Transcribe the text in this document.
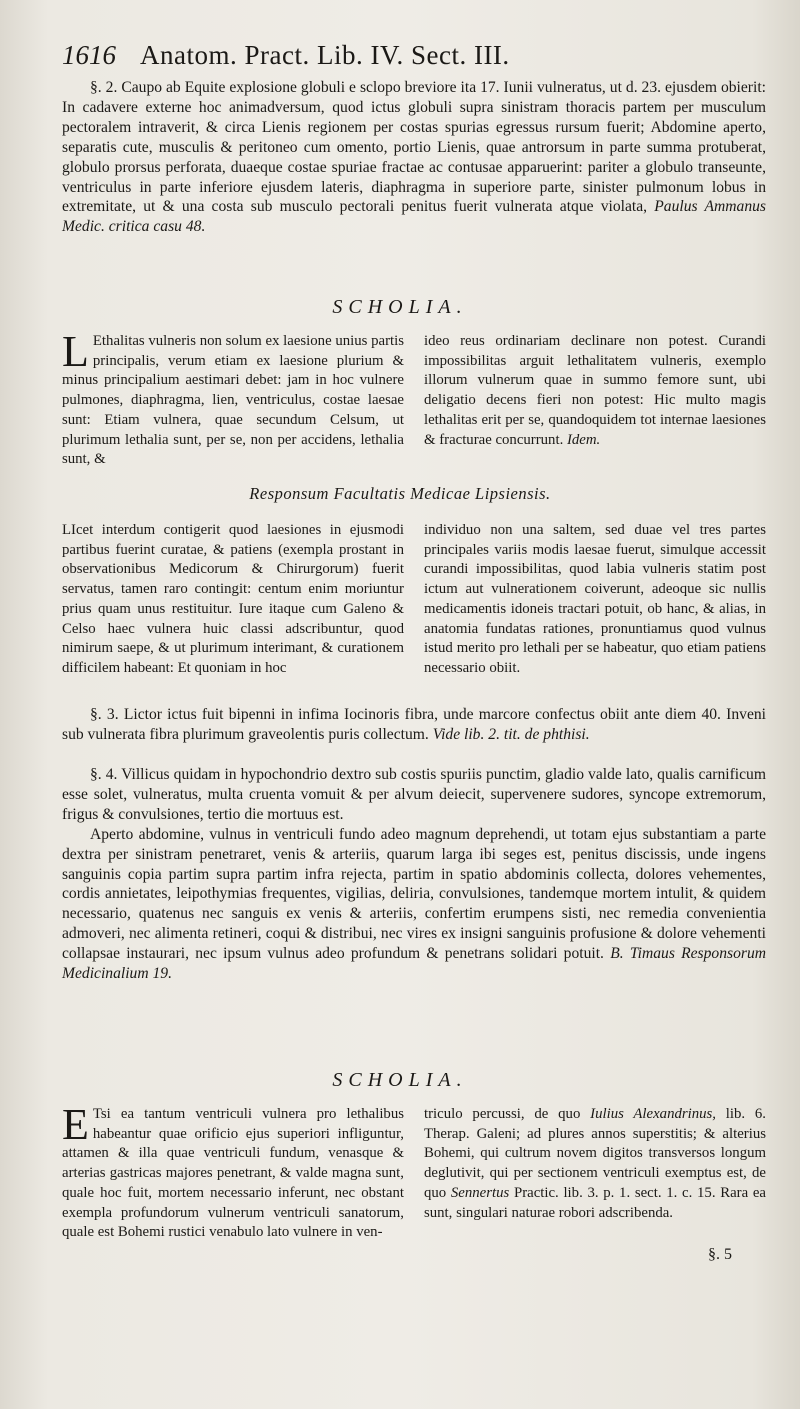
1616 Anatom. Pract. Lib. IV. Sect. III.

§. 2. Caupo ab Equite explosione globuli e sclopo breviore ita 17. Iunii vulneratus, ut d. 23. ejusdem obierit: In cadavere externe hoc animadversum, quod ictus globuli supra sinistram thoracis partem per musculum pectoralem intraverit, & circa Lienis regionem per costas spurias egressus rursum fuerit; Abdomine aperto, separatis cute, musculis & peritoneo cum omento, portio Lienis, quae antrorsum in parte summa protuberat, globulo prorsus perforata, duaeque costae spuriae fractae ac contusae apparuerint: pariter a globulo transeunte, ventriculus in parte inferiore ejusdem lateris, diaphragma in superiore parte, sinister pulmonum lobus in extremitate, ut & una costa sub musculo pectorali penitus fuerit vulnerata atque violata, Paulus Ammanus Medic. critica casu 48.

SCHOLIA.

L Ethalitas vulneris non solum ex laesione unius partis principalis, verum etiam ex laesione plurium & minus principalium aestimari debet: jam in hoc vulnere pulmones, diaphragma, lien, ventriculus, costae laesae sunt: Etiam vulnera, quae secundum Celsum, ut plurimum lethalia sunt, per se, non per accidens, lethalia sunt, &

ideo reus ordinariam declinare non potest. Curandi impossibilitas arguit lethalitatem vulneris, exemplo illorum vulnerum quae in summo femore sunt, ubi deligatio decens fieri non potest: Hic multo magis lethalitas erit per se, quandoquidem tot internae laesiones & fracturae concurrunt. Idem.

Responsum Facultatis Medicae Lipsiensis.

LIcet interdum contigerit quod laesiones in ejusmodi partibus fuerint curatae, & patiens (exempla prostant in observationibus Medicorum & Chirurgorum) fuerit servatus, tamen raro contingit: centum enim moriuntur prius quam unus restituitur. Iure itaque cum Galeno & Celso haec vulnera huic classi adscribuntur, quod nimirum saepe, & ut plurimum interimant, & curationem difficilem habeant: Et quoniam in hoc

individuo non una saltem, sed duae vel tres partes principales variis modis laesae fuerut, simulque accessit curandi impossibilitas, quod labia vulneris statim post ictum aut vulnerationem coiverunt, adeoque sic nullis medicamentis idoneis tractari potuit, ob hanc, & alias, in anatomia fundatas rationes, pronuntiamus quod vulnus istud merito pro lethali per se habeatur, quo etiam patiens necessario obiit.

§. 3. Lictor ictus fuit bipenni in infima Iocinoris fibra, unde marcore confectus obiit ante diem 40. Inveni sub vulnerata fibra plurimum graveolentis puris collectum. Vide lib. 2. tit. de phthisi.

§. 4. Villicus quidam in hypochondrio dextro sub costis spuriis punctim, gladio valde lato, qualis carnificum esse solet, vulneratus, multa cruenta vomuit & per alvum deiecit, supervenere sudores, syncope extremorum, frigus & convulsiones, tertio die mortuus est.

Aperto abdomine, vulnus in ventriculi fundo adeo magnum deprehendi, ut totam ejus substantiam a parte dextra per sinistram penetraret, venis & arteriis, quarum larga ibi seges est, penitus discissis, unde ingens sanguinis copia partim supra partim infra rejecta, partim in spatio abdominis collecta, dolores vehementes, cordis annietates, leipothymias frequentes, vigilias, deliria, convulsiones, tandemque mortem intulit, & quidem necessario, quatenus nec sanguis ex venis & arteriis, confertim erumpens sisti, nec remedia convenientia admoveri, nec alimenta retineri, coqui & distribui, nec vires ex insigni sanguinis profusione & dolore vehementi collapsae instaurari, nec ipsum vulnus adeo profundum & penetrans solidari potuit. B. Timaus Responsorum Medicinalium 19.

SCHOLIA.

E Tsi ea tantum ventriculi vulnera pro lethalibus habeantur quae orificio ejus superiori infliguntur, attamen & illa quae ventriculi fundum, venasque & arterias gastricas majores penetrant, & valde magna sunt, quale hoc fuit, mortem necessario inferunt, nec obstant exempla profundorum vulnerum ventriculi sanatorum, quale est Bohemi rustici venabulo lato vulnere in ven-

triculo percussi, de quo Iulius Alexandrinus, lib. 6. Therap. Galeni; ad plures annos superstitis; & alterius Bohemi, qui cultrum novem digitos transversos longum deglutivit, qui per sectionem ventriculi exemptus est, de quo Sennertus Practic. lib. 3. p. 1. sect. 1. c. 15. Rara ea sunt, singulari naturae robori adscribenda.

§. 5
